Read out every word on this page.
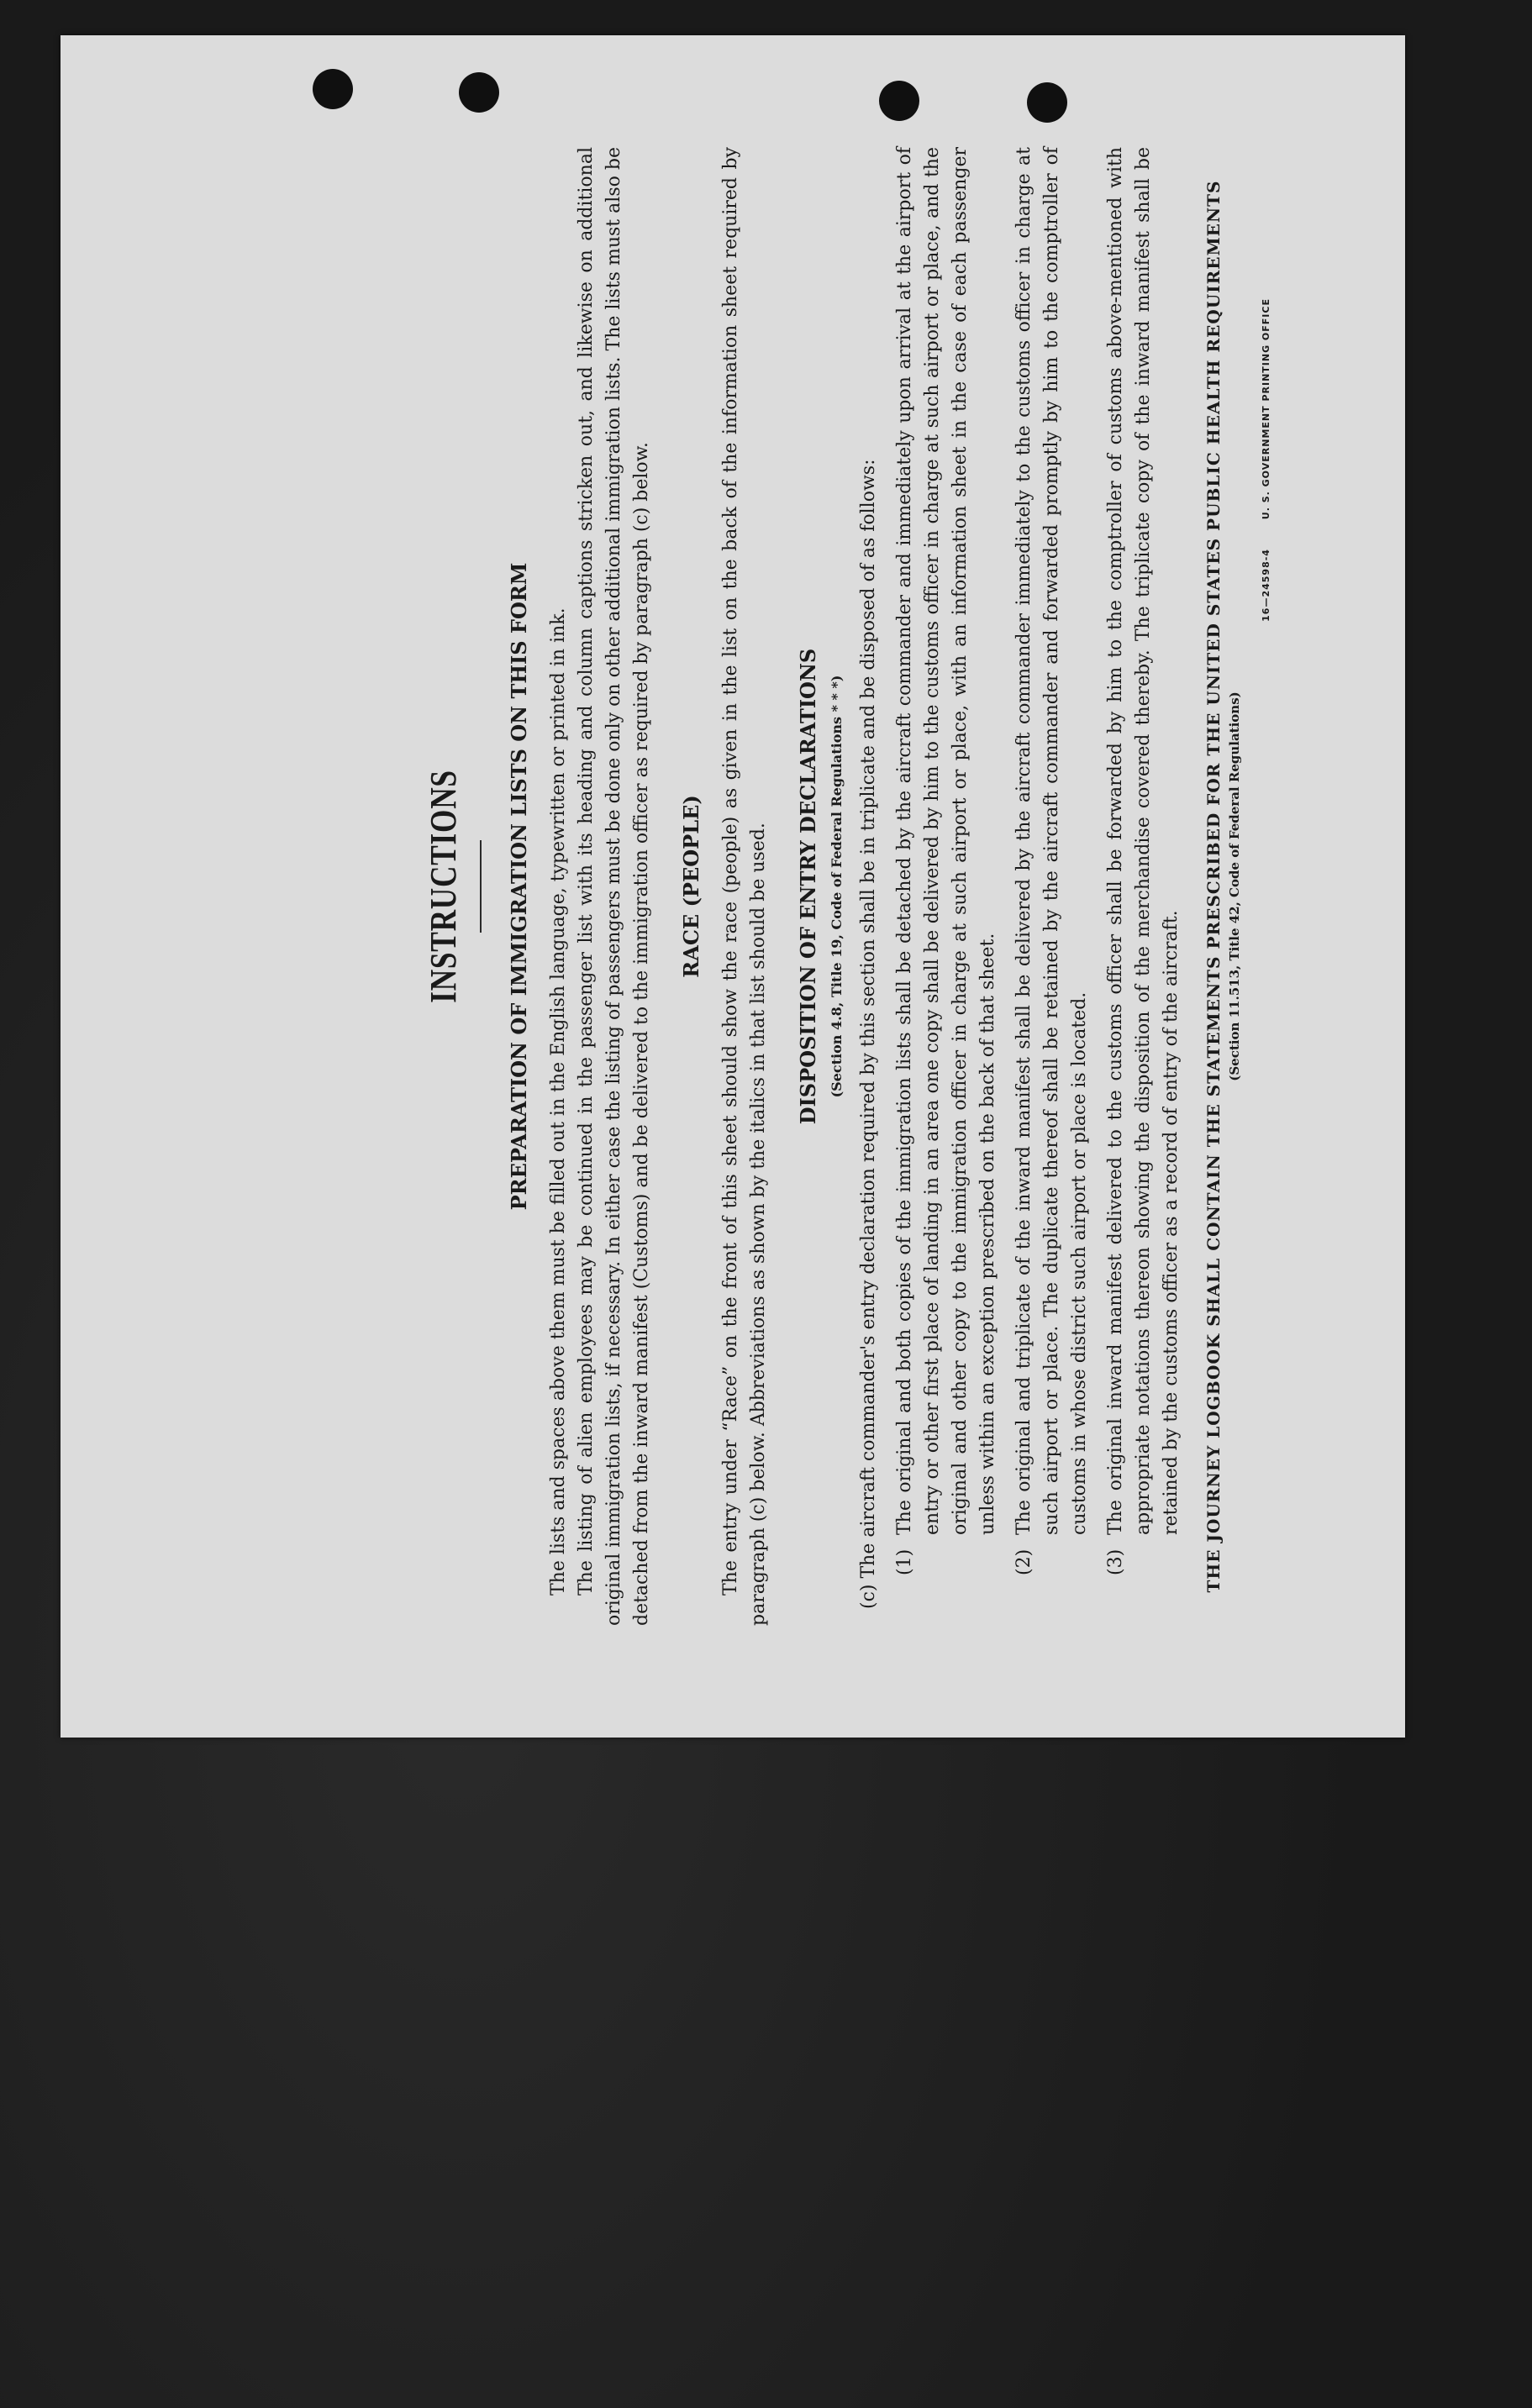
INSTRUCTIONS PREPARATION OF IMMIGRATION LISTS ON THIS FORM The lists and spaces above them must be filled out in the English language, typewritten or printed in ink. The listing of alien employees may be continued in the passenger list with its heading and column captions stricken out, and likewise on additional original immigration lists, if necessary. In either case the listing of passengers must be done only on other additional immigration lists. The lists must also be detached from the inward manifest (Customs) and be delivered to the immigration officer as required by paragraph (c) below. RACE (PEOPLE) The entry under “Race” on the front of this sheet should show the race (people) as given in the list on the back of the information sheet required by paragraph (c) below. Abbreviations as shown by the italics in that list should be used. DISPOSITION OF ENTRY DECLARATIONS (Section 4.8, Title 19, Code of Federal Regulations * * *) (c) The aircraft commander's entry declaration required by this section shall be in triplicate and be disposed of as follows: (1)
The original and both copies of the immigration lists shall be detached by the aircraft commander and immediately upon arrival at the airport of entry or other first place of landing in an area one copy shall be delivered by him to the customs officer in charge at such airport or place, and the original and other copy to the immigration officer in charge at such airport or place, with an information sheet in the case of each passenger unless within an exception prescribed on the back of that sheet.
(2)
The original and triplicate of the inward manifest shall be delivered by the aircraft commander immediately to the customs officer in charge at such airport or place. The duplicate thereof shall be retained by the aircraft commander and forwarded promptly by him to the comptroller of customs in whose district such airport or place is located.
(3)
The original inward manifest delivered to the customs officer shall be forwarded by him to the comptroller of customs above-mentioned with appropriate notations thereon showing the disposition of the merchandise covered thereby. The triplicate copy of the inward manifest shall be retained by the customs officer as a record of entry of the aircraft. THE JOURNEY LOGBOOK SHALL CONTAIN THE STATEMENTS PRESCRIBED FOR THE UNITED STATES PUBLIC HEALTH REQUIREMENTS (Section 11.513, Title 42, Code of Federal Regulations)
16—24598-4 U. S. GOVERNMENT PRINTING OFFICE
